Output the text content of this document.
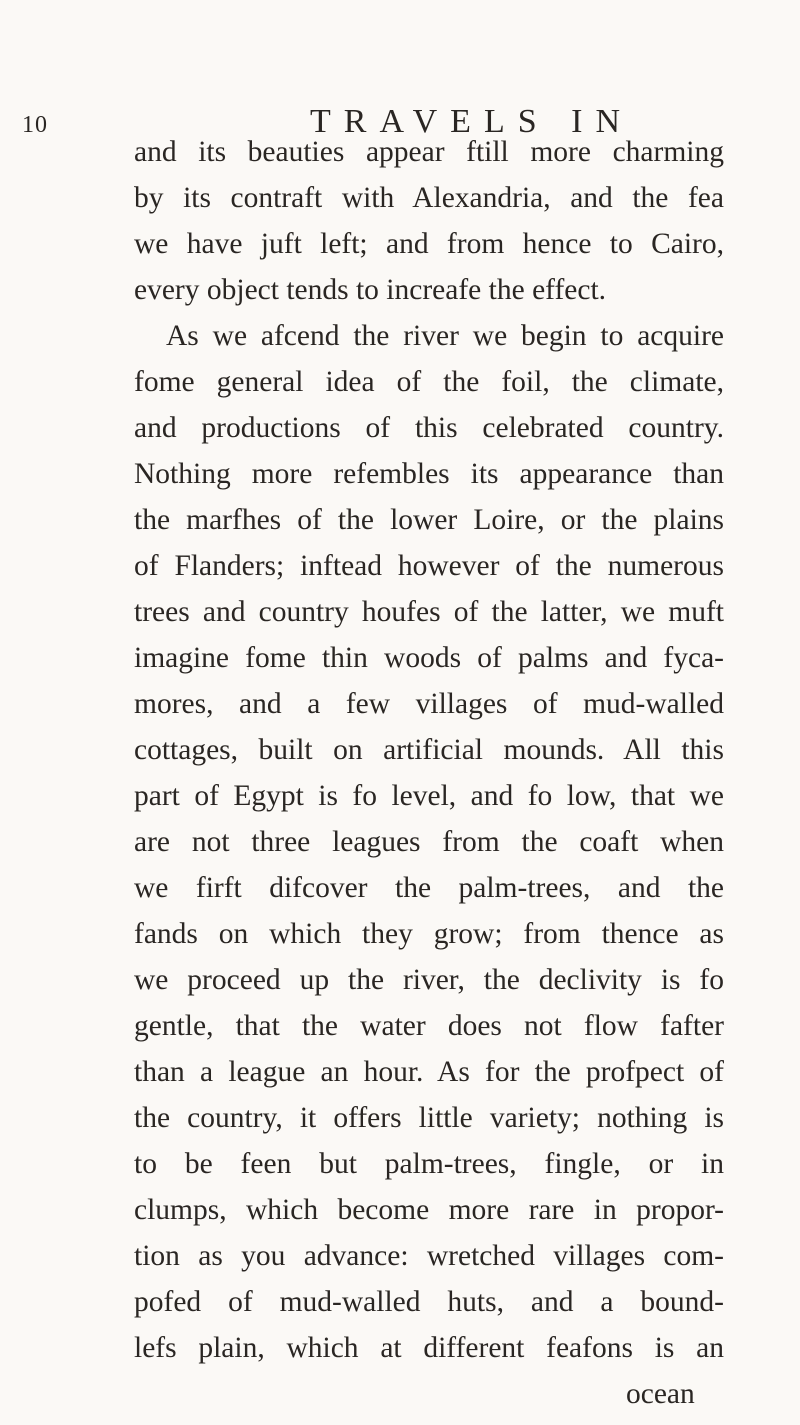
10	TRAVELS IN
and its beauties appear ftill more charming
by its contraft with Alexandria, and the fea
we have juft left; and from hence to Cairo,
every object tends to increafe the effect.
As we afcend the river we begin to acquire
fome general idea of the foil, the climate,
and productions of this celebrated country.
Nothing more refembles its appearance than
the marfhes of the lower Loire, or the plains
of Flanders; inftead however of the numerous
trees and country houfes of the latter, we muft
imagine fome thin woods of palms and fyca-
mores, and a few villages of mud-walled
cottages, built on artificial mounds. All this
part of Egypt is fo level, and fo low, that we
are not three leagues from the coaft when
we firft difcover the palm-trees, and the
fands on which they grow; from thence as
we proceed up the river, the declivity is fo
gentle, that the water does not flow fafter
than a league an hour. As for the profpect of
the country, it offers little variety; nothing is
to be feen but palm-trees, fingle, or in
clumps, which become more rare in propor-
tion as you advance: wretched villages com-
pofed of mud-walled huts, and a bound-
lefs plain, which at different feafons is an
ocean
